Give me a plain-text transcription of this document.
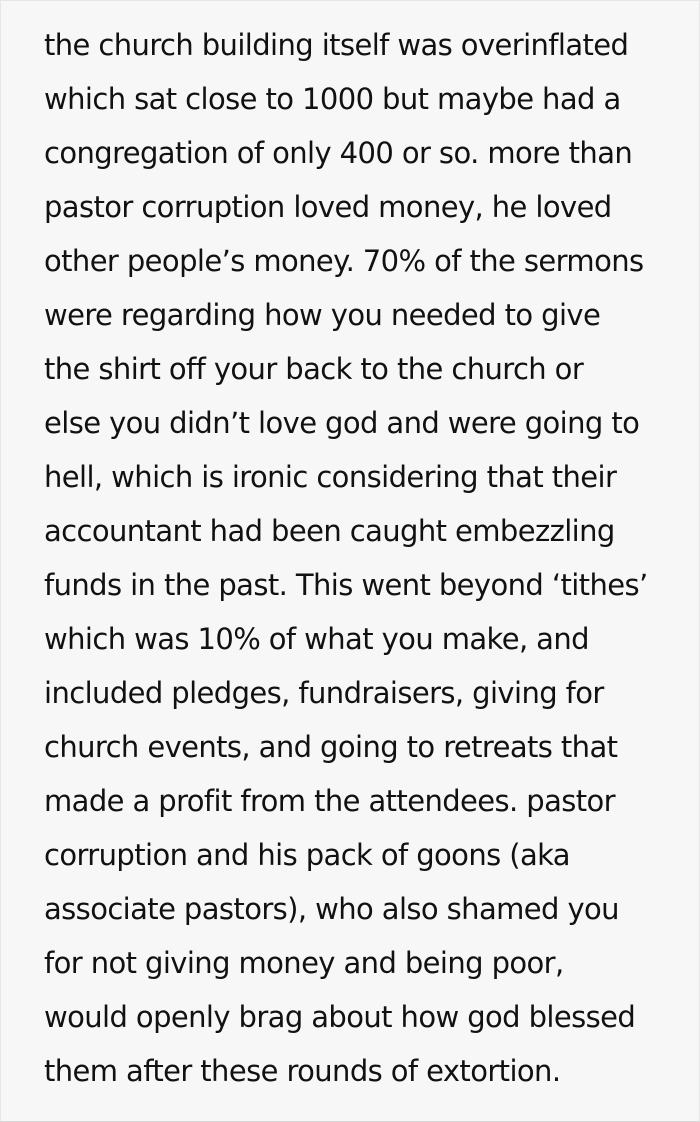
the church building itself was overinflated
which sat close to 1000 but maybe had a
congregation of only 400 or so. more than
pastor corruption loved money, he loved
other people’s money. 70% of the sermons
were regarding how you needed to give
the shirt off your back to the church or
else you didn’t love god and were going to
hell, which is ironic considering that their
accountant had been caught embezzling
funds in the past. This went beyond ‘tithes’
which was 10% of what you make, and
included pledges, fundraisers, giving for
church events, and going to retreats that
made a profit from the attendees. pastor
corruption and his pack of goons (aka
associate pastors), who also shamed you
for not giving money and being poor,
would openly brag about how god blessed
them after these rounds of extortion.
